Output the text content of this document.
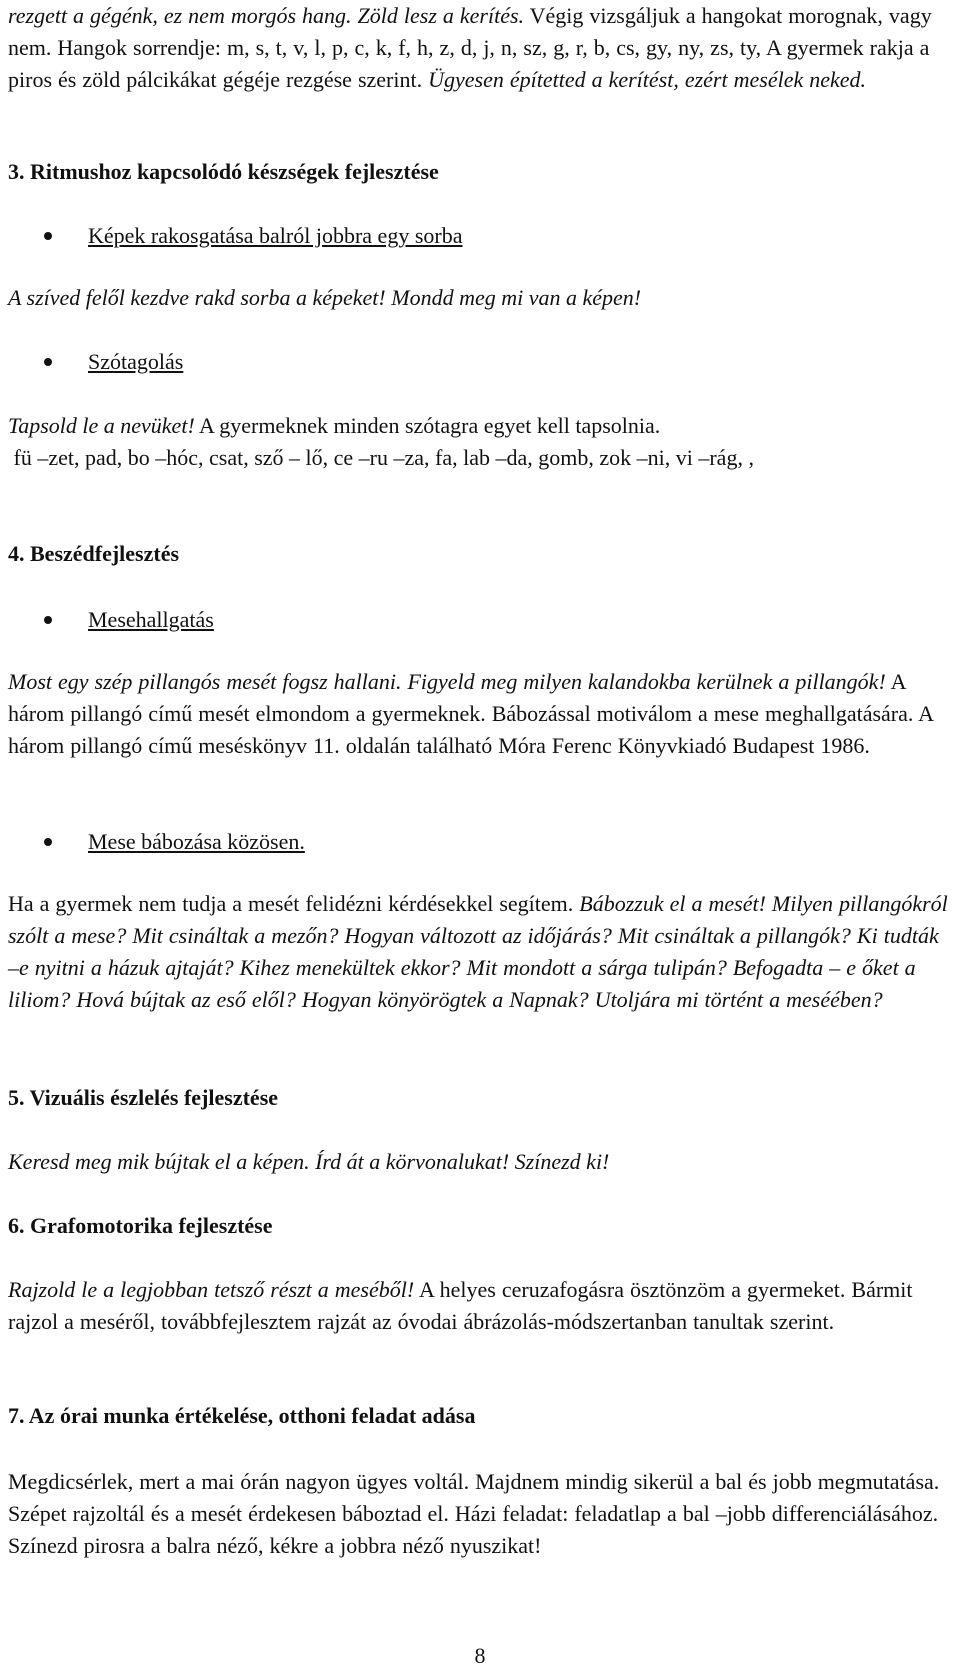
rezgett a gégénk, ez nem morgós hang. Zöld lesz a kerítés. Végig vizsgáljuk a hangokat morognak, vagy nem. Hangok sorrendje: m, s, t, v, l, p, c, k, f, h, z, d, j, n, sz, g, r, b, cs, gy, ny, zs, ty, A gyermek rakja a piros és zöld pálcikákat gégéje rezgése szerint. Ügyesen építetted a kerítést, ezért mesélek neked.

3. Ritmushoz kapcsolódó készségek fejlesztése

Képek rakosgatása balról jobbra egy sorba

A szíved felől kezdve rakd sorba a képeket! Mondd meg mi van a képen!

Szótagolás

Tapsold le a nevüket! A gyermeknek minden szótagra egyet kell tapsolnia.

fü –zet, pad, bo –hóc, csat, sző – lő, ce –ru –za, fa, lab –da, gomb, zok –ni, vi –rág, ,

4. Beszédfejlesztés

Mesehallgatás

Most egy szép pillangós mesét fogsz hallani. Figyeld meg milyen kalandokba kerülnek a pillangók! A három pillangó című mesét elmondom a gyermeknek. Bábozással motiválom a mese meghallgatására. A három pillangó című meséskönyv 11. oldalán található Móra Ferenc Könyvkiadó Budapest 1986.

Mese bábozása közösen.

Ha a gyermek nem tudja a mesét felidézni kérdésekkel segítem. Bábozzuk el a mesét! Milyen pillangókról szólt a mese? Mit csináltak a mezőn? Hogyan változott az időjárás? Mit csináltak a pillangók? Ki tudták –e nyitni a házuk ajtaját? Kihez menekültek ekkor? Mit mondott a sárga tulipán? Befogadta – e őket a liliom? Hová bújtak az eső elől? Hogyan könyörögtek a Napnak? Utoljára mi történt a meséében?

5. Vizuális észlelés fejlesztése

Keresd meg mik bújtak el a képen. Írd át a körvonalukat! Színezd ki!

6. Grafomotorika fejlesztése

Rajzold le a legjobban tetsző részt a meséből! A helyes ceruzafogásra ösztönzöm a gyermeket. Bármit rajzol a meséről, továbbfejlesztem rajzát az óvodai ábrázolás-módszertanban tanultak szerint.

7. Az órai munka értékelése, otthoni feladat adása

Megdicsérlek, mert a mai órán nagyon ügyes voltál. Majdnem mindig sikerül a bal és jobb megmutatása. Szépet rajzoltál és a mesét érdekesen báboztad el. Házi feladat: feladatlap a bal –jobb differenciálásához. Színezd pirosra a balra néző, kékre a jobbra néző nyuszikat!

8
